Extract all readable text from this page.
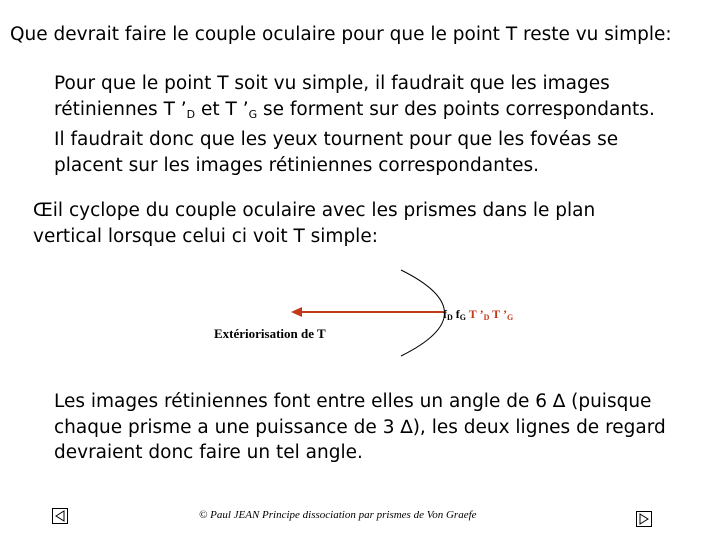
Que devrait faire le couple oculaire pour que le point T reste vu simple:
Pour que le point T soit vu simple, il faudrait que les images
rétiniennes T $’_D$ et T $’_G$ se forment sur des points correspondants.
Il faudrait donc que les yeux tournent pour que les fovéas se
placent sur les images rétiniennes correspondantes.
Œil cyclope du couple oculaire avec les prismes dans le plan
vertical lorsque celui ci voit T simple:
Extériorisation de T
$f_D$ $f_G$ T $’_D$ T $’_G$
Les images rétiniennes font entre elles un angle de 6 ∆ (puisque
chaque prisme a une puissance de 3 ∆), les deux lignes de regard
devraient donc faire un tel angle.
© Paul JEAN Principe dissociation par prismes de Von Graefe
